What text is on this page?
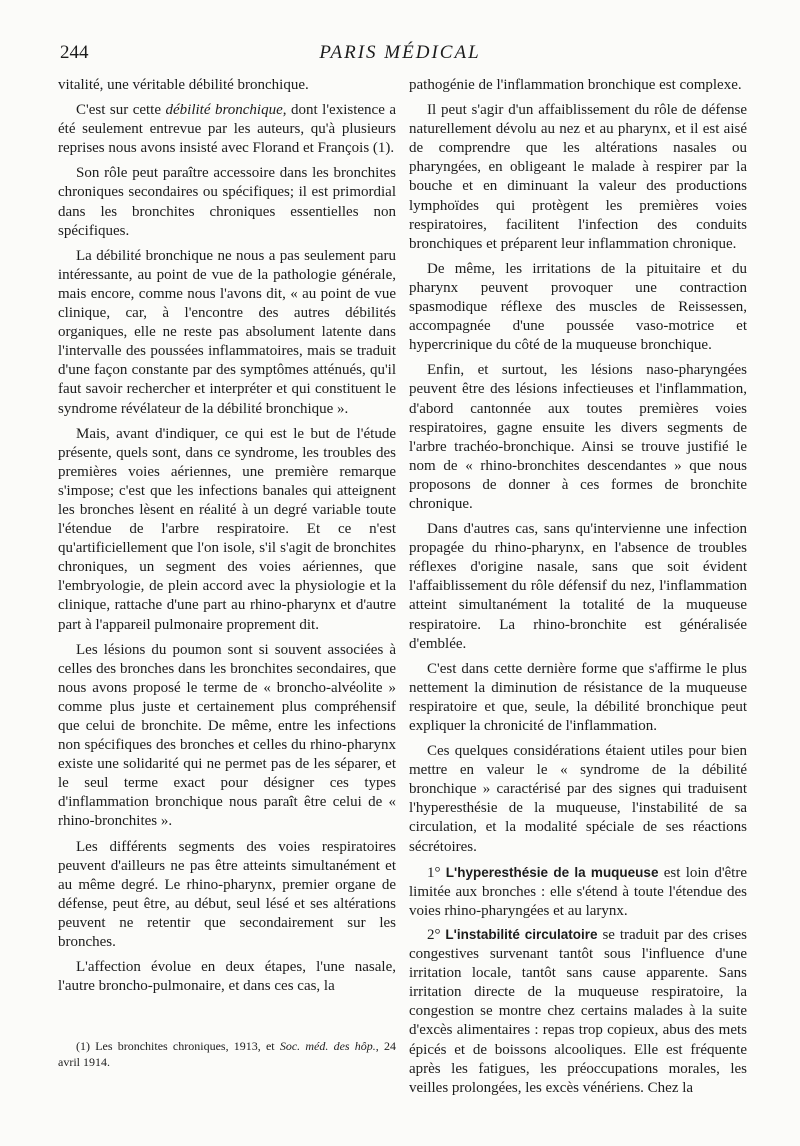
244	PARIS MÉDICAL

vitalité, une véritable débilité bronchique.

C'est sur cette débilité bronchique, dont l'existence a été seulement entrevue par les auteurs, qu'à plusieurs reprises nous avons insisté avec Florand et François (1).

Son rôle peut paraître accessoire dans les bronchites chroniques secondaires ou spécifiques; il est primordial dans les bronchites chroniques essentielles non spécifiques.

La débilité bronchique ne nous a pas seulement paru intéressante, au point de vue de la pathologie générale, mais encore, comme nous l'avons dit, « au point de vue clinique, car, à l'encontre des autres débilités organiques, elle ne reste pas absolument latente dans l'intervalle des poussées inflammatoires, mais se traduit d'une façon constante par des symptômes atténués, qu'il faut savoir rechercher et interpréter et qui constituent le syndrome révélateur de la débilité bronchique ».

Mais, avant d'indiquer, ce qui est le but de l'étude présente, quels sont, dans ce syndrome, les troubles des premières voies aériennes, une première remarque s'impose; c'est que les infections banales qui atteignent les bronches lèsent en réalité à un degré variable toute l'étendue de l'arbre respiratoire. Et ce n'est qu'artificiellement que l'on isole, s'il s'agit de bronchites chroniques, un segment des voies aériennes, que l'embryologie, de plein accord avec la physiologie et la clinique, rattache d'une part au rhino-pharynx et d'autre part à l'appareil pulmonaire proprement dit.

Les lésions du poumon sont si souvent associées à celles des bronches dans les bronchites secondaires, que nous avons proposé le terme de « broncho-alvéolite » comme plus juste et certainement plus compréhensif que celui de bronchite. De même, entre les infections non spécifiques des bronches et celles du rhino-pharynx existe une solidarité qui ne permet pas de les séparer, et le seul terme exact pour désigner ces types d'inflammation bronchique nous paraît être celui de « rhino-bronchites ».

Les différents segments des voies respiratoires peuvent d'ailleurs ne pas être atteints simultanément et au même degré. Le rhino-pharynx, premier organe de défense, peut être, au début, seul lésé et ses altérations peuvent ne retentir que secondairement sur les bronches.

L'affection évolue en deux étapes, l'une nasale, l'autre broncho-pulmonaire, et dans ces cas, la

pathogénie de l'inflammation bronchique est complexe.

Il peut s'agir d'un affaiblissement du rôle de défense naturellement dévolu au nez et au pharynx, et il est aisé de comprendre que les altérations nasales ou pharyngées, en obligeant le malade à respirer par la bouche et en diminuant la valeur des productions lymphoïdes qui protègent les premières voies respiratoires, facilitent l'infection des conduits bronchiques et préparent leur inflammation chronique.

De même, les irritations de la pituitaire et du pharynx peuvent provoquer une contraction spasmodique réflexe des muscles de Reissessen, accompagnée d'une poussée vaso-motrice et hypercrinique du côté de la muqueuse bronchique.

Enfin, et surtout, les lésions naso-pharyngées peuvent être des lésions infectieuses et l'inflammation, d'abord cantonnée aux toutes premières voies respiratoires, gagne ensuite les divers segments de l'arbre trachéo-bronchique. Ainsi se trouve justifié le nom de « rhino-bronchites descendantes » que nous proposons de donner à ces formes de bronchite chronique.

Dans d'autres cas, sans qu'intervienne une infection propagée du rhino-pharynx, en l'absence de troubles réflexes d'origine nasale, sans que soit évident l'affaiblissement du rôle défensif du nez, l'inflammation atteint simultanément la totalité de la muqueuse respiratoire. La rhino-bronchite est généralisée d'emblée.

C'est dans cette dernière forme que s'affirme le plus nettement la diminution de résistance de la muqueuse respiratoire et que, seule, la débilité bronchique peut expliquer la chronicité de l'inflammation.

Ces quelques considérations étaient utiles pour bien mettre en valeur le « syndrome de la débilité bronchique » caractérisé par des signes qui traduisent l'hyperesthésie de la muqueuse, l'instabilité de sa circulation, et la modalité spéciale de ses réactions sécrétoires.

1° L'hyperesthésie de la muqueuse est loin d'être limitée aux bronches : elle s'étend à toute l'étendue des voies rhino-pharyngées et au larynx.

2° L'instabilité circulatoire se traduit par des crises congestives survenant tantôt sous l'influence d'une irritation locale, tantôt sans cause apparente. Sans irritation directe de la muqueuse respiratoire, la congestion se montre chez certains malades à la suite d'excès alimentaires : repas trop copieux, abus des mets épicés et de boissons alcooliques. Elle est fréquente après les fatigues, les préoccupations morales, les veilles prolongées, les excès vénériens. Chez la

(1) Les bronchites chroniques, 1913, et Soc. méd. des hôp., 24 avril 1914.
